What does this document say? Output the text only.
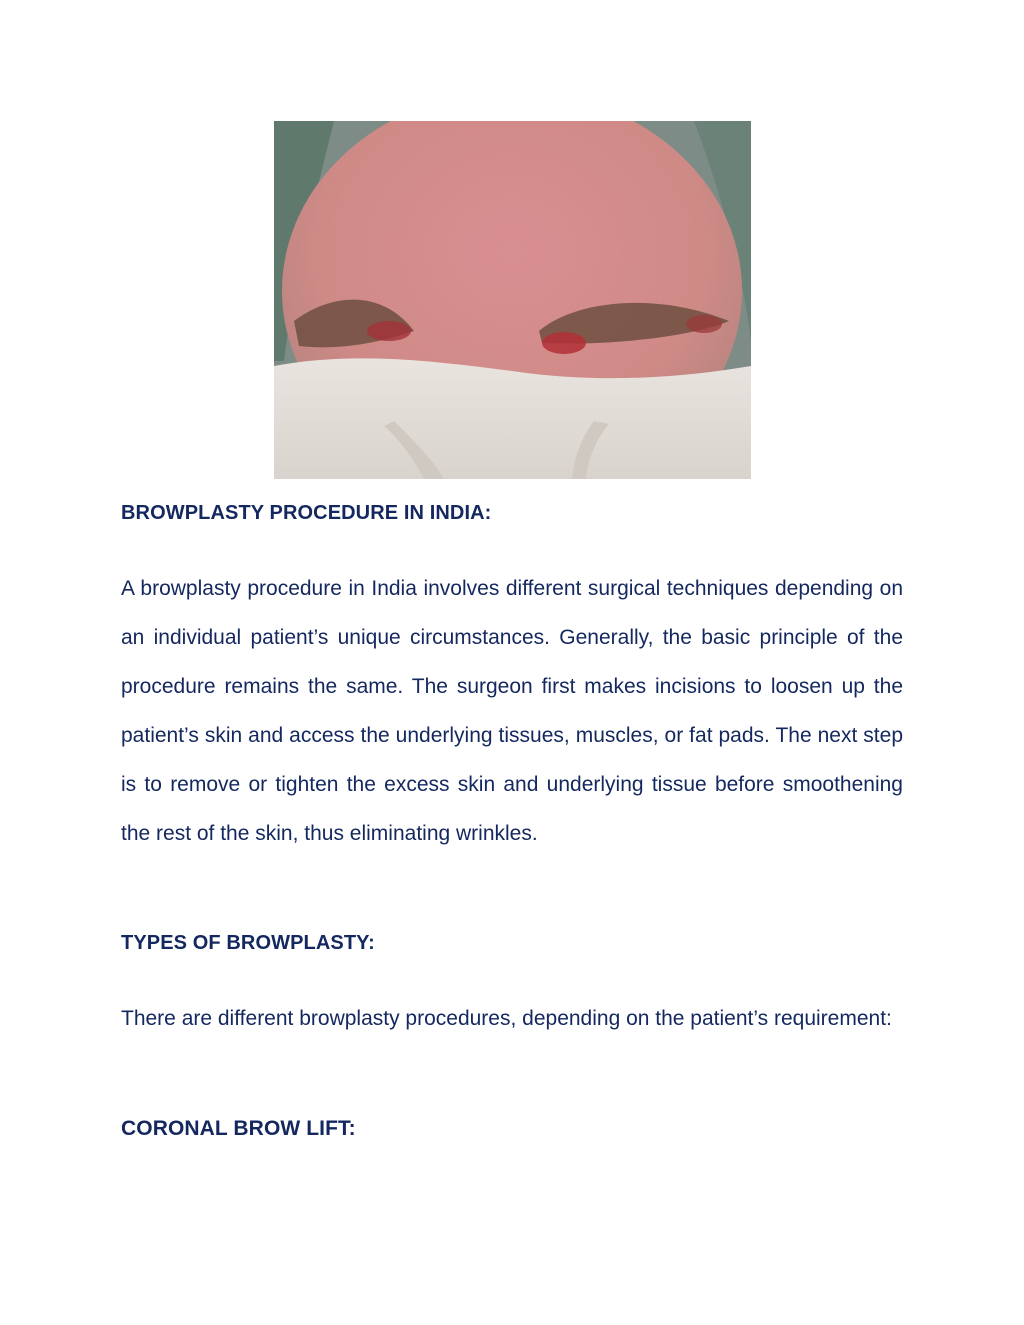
BROWPLASTY PROCEDURE IN INDIA:

A browplasty procedure in India involves different surgical techniques depending on an individual patient’s unique circumstances. Generally, the basic principle of the procedure remains the same. The surgeon first makes incisions to loosen up the patient’s skin and access the underlying tissues, muscles, or fat pads. The next step is to remove or tighten the excess skin and underlying tissue before smoothening the rest of the skin, thus eliminating wrinkles.

TYPES OF BROWPLASTY:

There are different browplasty procedures, depending on the patient’s requirement:

CORONAL BROW LIFT:
